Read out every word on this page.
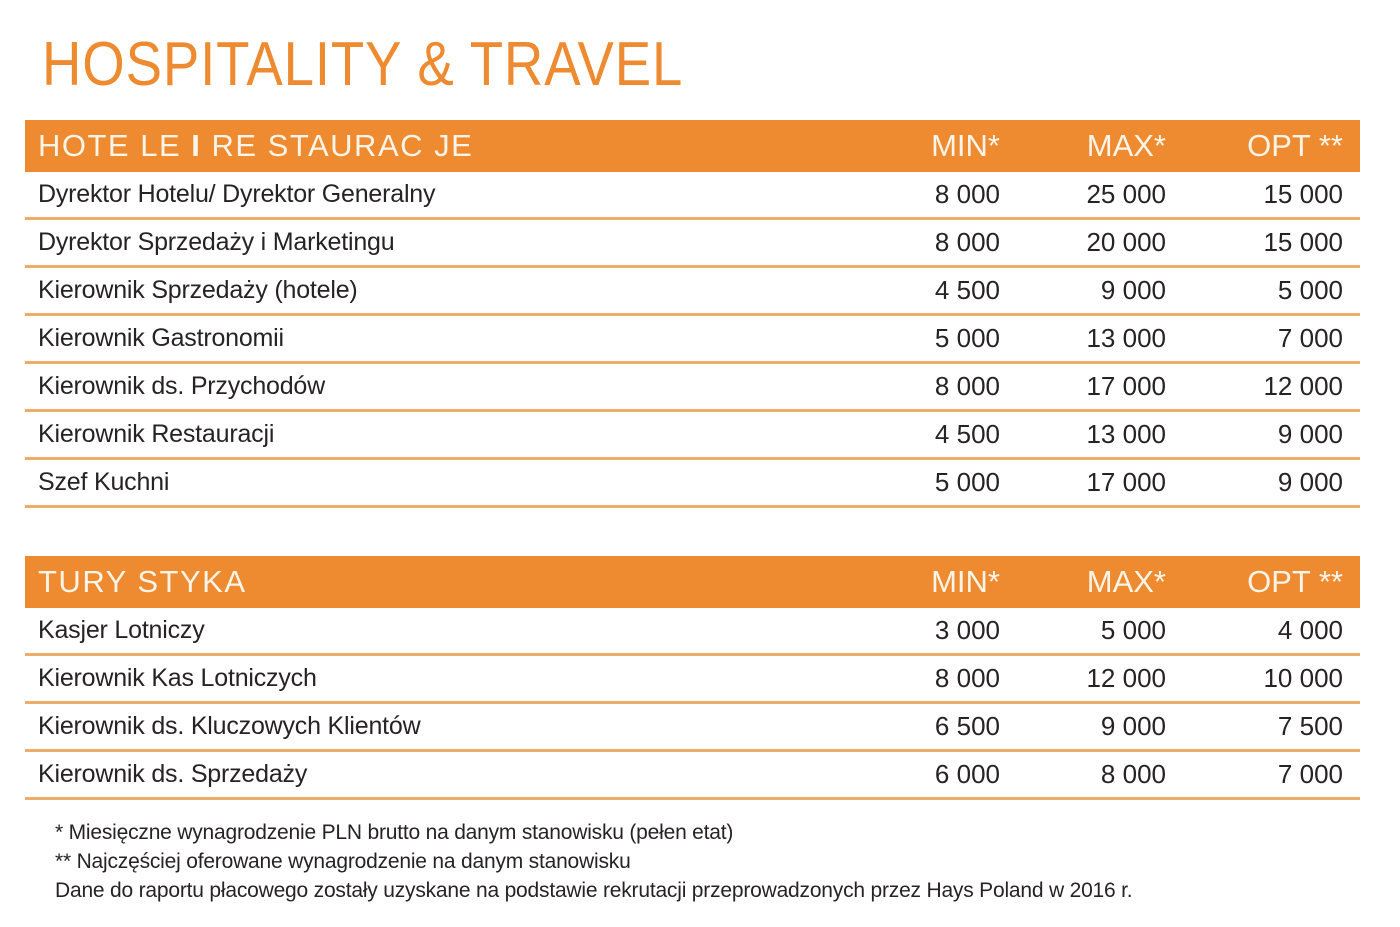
HOSPITALITY & TRAVEL
HOTE LE I RE STAURAC JE	MIN*	MAX*	OPT **
Dyrektor Hotelu/ Dyrektor Generalny	8 000	25 000	15 000
Dyrektor Sprzedaży i Marketingu	8 000	20 000	15 000
Kierownik Sprzedaży (hotele)	4 500	9 000	5 000
Kierownik Gastronomii	5 000	13 000	7 000
Kierownik ds. Przychodów	8 000	17 000	12 000
Kierownik Restauracji	4 500	13 000	9 000
Szef Kuchni	5 000	17 000	9 000
TURY STYKA	MIN*	MAX*	OPT **
Kasjer Lotniczy	3 000	5 000	4 000
Kierownik Kas Lotniczych	8 000	12 000	10 000
Kierownik ds. Kluczowych Klientów	6 500	9 000	7 500
Kierownik ds. Sprzedaży	6 000	8 000	7 000
* Miesięczne wynagrodzenie PLN brutto na danym stanowisku (pełen etat)
** Najczęściej oferowane wynagrodzenie na danym stanowisku
Dane do raportu płacowego zostały uzyskane na podstawie rekrutacji przeprowadzonych przez Hays Poland w 2016 r.
